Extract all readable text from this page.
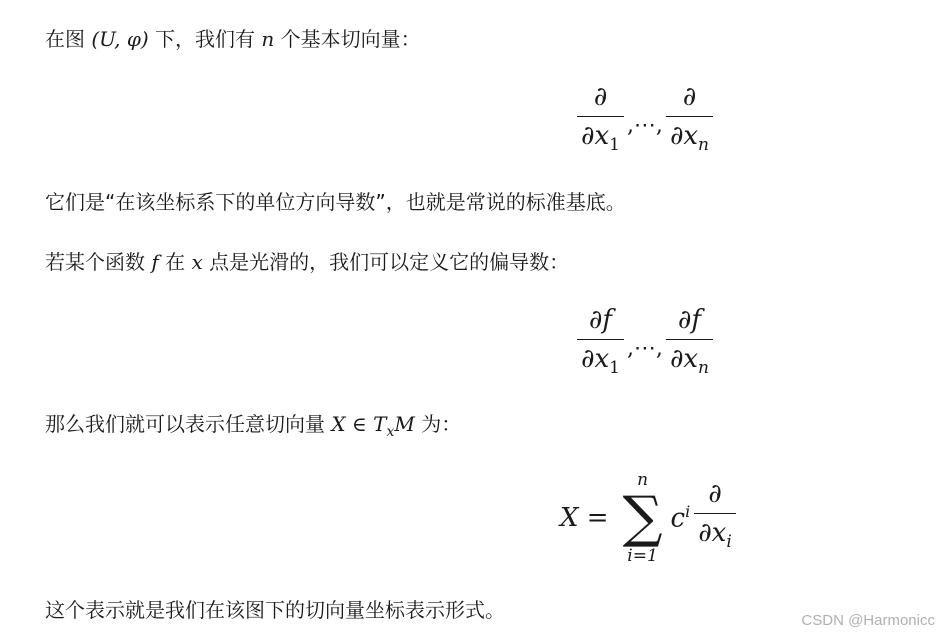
在图 (U, φ) 下，我们有 n 个基本切向量：
$\frac{\partial}{\partial x_1}$ ,⋯, $\frac{\partial}{\partial x_n}$
它们是“在该坐标系下的单位方向导数”，也就是常说的标准基底。
若某个函数 f 在 x 点是光滑的，我们可以定义它的偏导数：
$\frac{\partial f}{\partial x_1}$ ,⋯, $\frac{\partial f}{\partial x_n}$
那么我们就可以表示任意切向量 X ∈ $T_xM$ 为：
X =
n
∑
i=1
$c^i \frac{\partial}{\partial x_i}$
这个表示就是我们在该图下的切向量坐标表示形式。	CSDN @Harmonicc
